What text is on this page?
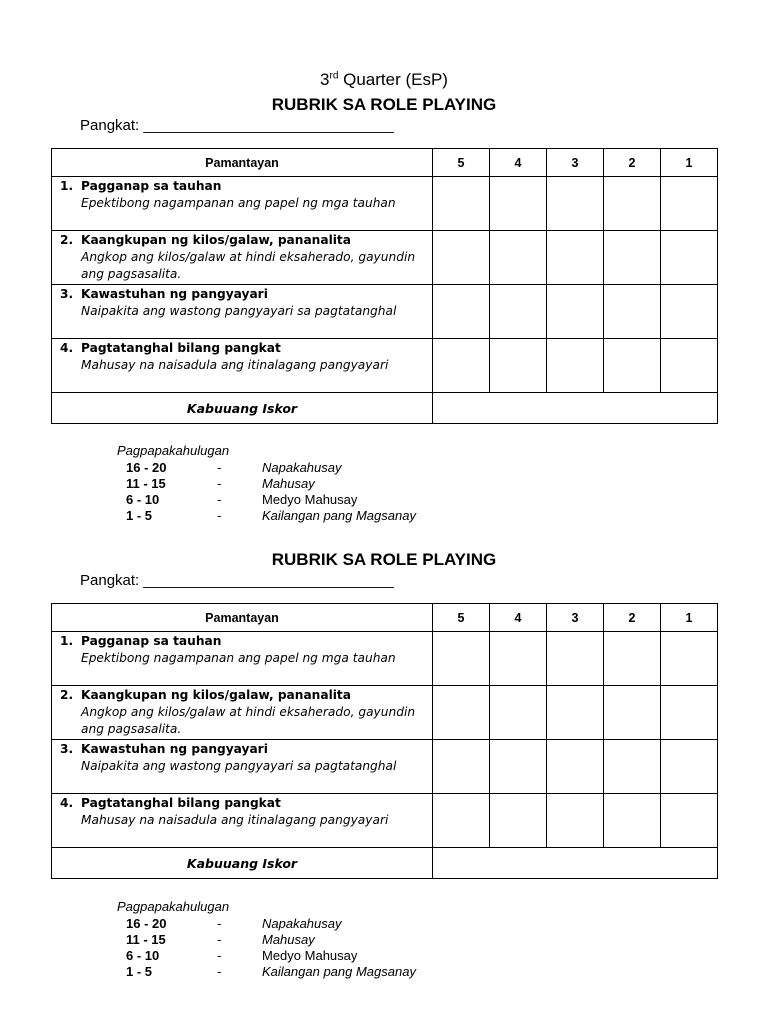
3rd Quarter (EsP)
RUBRIK SA ROLE PLAYING
Pangkat: ______________________________
Pamantayan	5	4	3	2	1

1. Pagganap sa tauhan
Epektibong nagampanan ang papel ng mga tauhan					

2. Kaangkupan ng kilos/galaw, pananalita
Angkop ang kilos/galaw at hindi eksaherado, gayundin ang pagsasalita.					

3. Kawastuhan ng pangyayari
Naipakita ang wastong pangyayari sa pagtatanghal					

4. Pagtatanghal bilang pangkat
Mahusay na naisadula ang itinalagang pangyayari					

Kabuuang Iskor					
Pagpapakahulugan
16 - 20	-	Napakahusay
11 - 15	-	Mahusay
6 - 10	-	Medyo Mahusay
1 - 5	-	Kailangan pang Magsanay
RUBRIK SA ROLE PLAYING
Pangkat: ______________________________
Pamantayan	5	4	3	2	1

1. Pagganap sa tauhan
Epektibong nagampanan ang papel ng mga tauhan					

2. Kaangkupan ng kilos/galaw, pananalita
Angkop ang kilos/galaw at hindi eksaherado, gayundin ang pagsasalita.					

3. Kawastuhan ng pangyayari
Naipakita ang wastong pangyayari sa pagtatanghal					

4. Pagtatanghal bilang pangkat
Mahusay na naisadula ang itinalagang pangyayari					

Kabuuang Iskor					
Pagpapakahulugan
16 - 20	-	Napakahusay
11 - 15	-	Mahusay
6 - 10	-	Medyo Mahusay
1 - 5	-	Kailangan pang Magsanay
